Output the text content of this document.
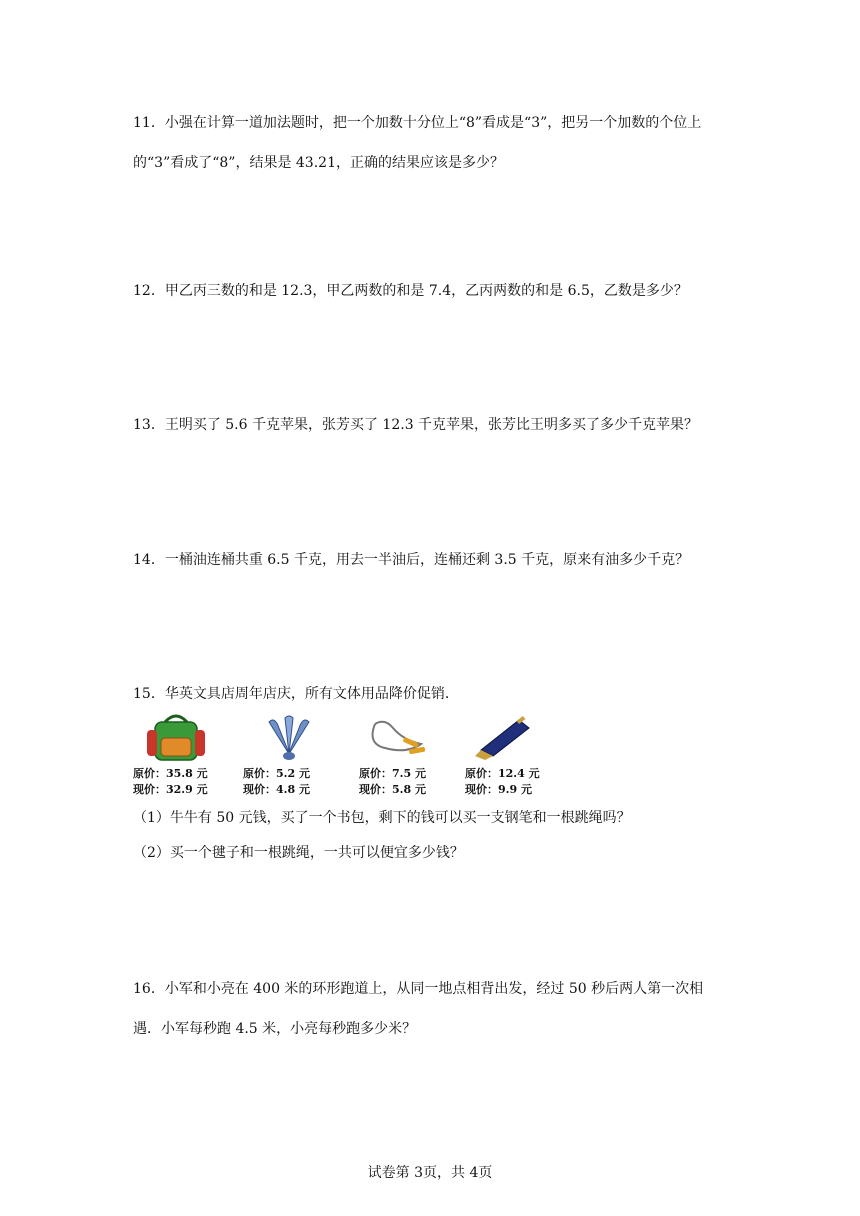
11．小强在计算一道加法题时，把一个加数十分位上“8”看成是“3”，把另一个加数的个位上
的“3”看成了“8”，结果是 43.21，正确的结果应该是多少？
12．甲乙丙三数的和是 12.3，甲乙两数的和是 7.4，乙丙两数的和是 6.5，乙数是多少？
13．王明买了 5.6 千克苹果，张芳买了 12.3 千克苹果，张芳比王明多买了多少千克苹果？
14．一桶油连桶共重 6.5 千克，用去一半油后，连桶还剩 3.5 千克，原来有油多少千克？
15．华英文具店周年店庆，所有文体用品降价促销．
原价：35.8 元
现价：32.9 元
原价：5.2 元
现价：4.8 元
原价：7.5 元
现价：5.8 元
原价：12.4 元
现价：9.9 元
（1）牛牛有 50 元钱，买了一个书包，剩下的钱可以买一支钢笔和一根跳绳吗？
（2）买一个毽子和一根跳绳，一共可以便宜多少钱？
16．小军和小亮在 400 米的环形跑道上，从同一地点相背出发，经过 50 秒后两人第一次相
遇．小军每秒跑 4.5 米，小亮每秒跑多少米？
试卷第 3页，共 4页
